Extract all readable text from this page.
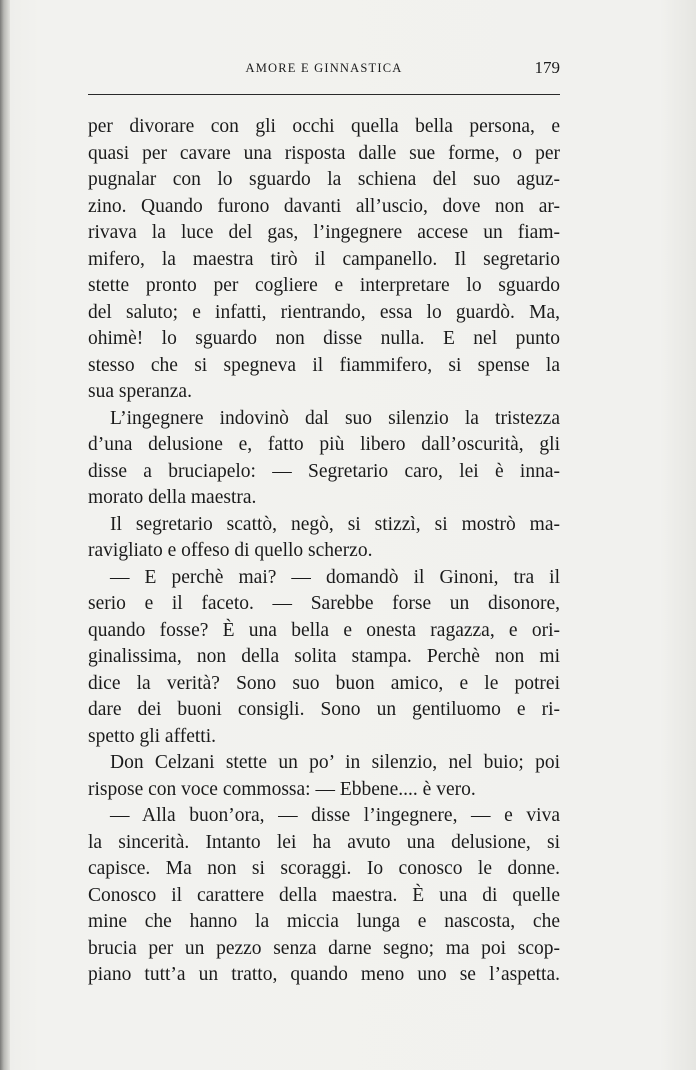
AMORE E GINNASTICA	179
per divorare con gli occhi quella bella persona, e
quasi per cavare una risposta dalle sue forme, o per
pugnalar con lo sguardo la schiena del suo aguz-
zino. Quando furono davanti all’uscio, dove non ar-
rivava la luce del gas, l’ingegnere accese un fiam-
mifero, la maestra tirò il campanello. Il segretario
stette pronto per cogliere e interpretare lo sguardo
del saluto; e infatti, rientrando, essa lo guardò. Ma,
ohimè! lo sguardo non disse nulla. E nel punto
stesso che si spegneva il fiammifero, si spense la
sua speranza.
L’ingegnere indovinò dal suo silenzio la tristezza
d’una delusione e, fatto più libero dall’oscurità, gli
disse a bruciapelo: — Segretario caro, lei è inna-
morato della maestra.
Il segretario scattò, negò, si stizzì, si mostrò ma-
ravigliato e offeso di quello scherzo.
— E perchè mai? — domandò il Ginoni, tra il
serio e il faceto. — Sarebbe forse un disonore,
quando fosse? È una bella e onesta ragazza, e ori-
ginalissima, non della solita stampa. Perchè non mi
dice la verità? Sono suo buon amico, e le potrei
dare dei buoni consigli. Sono un gentiluomo e ri-
spetto gli affetti.
Don Celzani stette un po’ in silenzio, nel buio; poi
rispose con voce commossa: — Ebbene.... è vero.
— Alla buon’ora, — disse l’ingegnere, — e viva
la sincerità. Intanto lei ha avuto una delusione, si
capisce. Ma non si scoraggi. Io conosco le donne.
Conosco il carattere della maestra. È una di quelle
mine che hanno la miccia lunga e nascosta, che
brucia per un pezzo senza darne segno; ma poi scop-
piano tutt’a un tratto, quando meno uno se l’aspetta.
